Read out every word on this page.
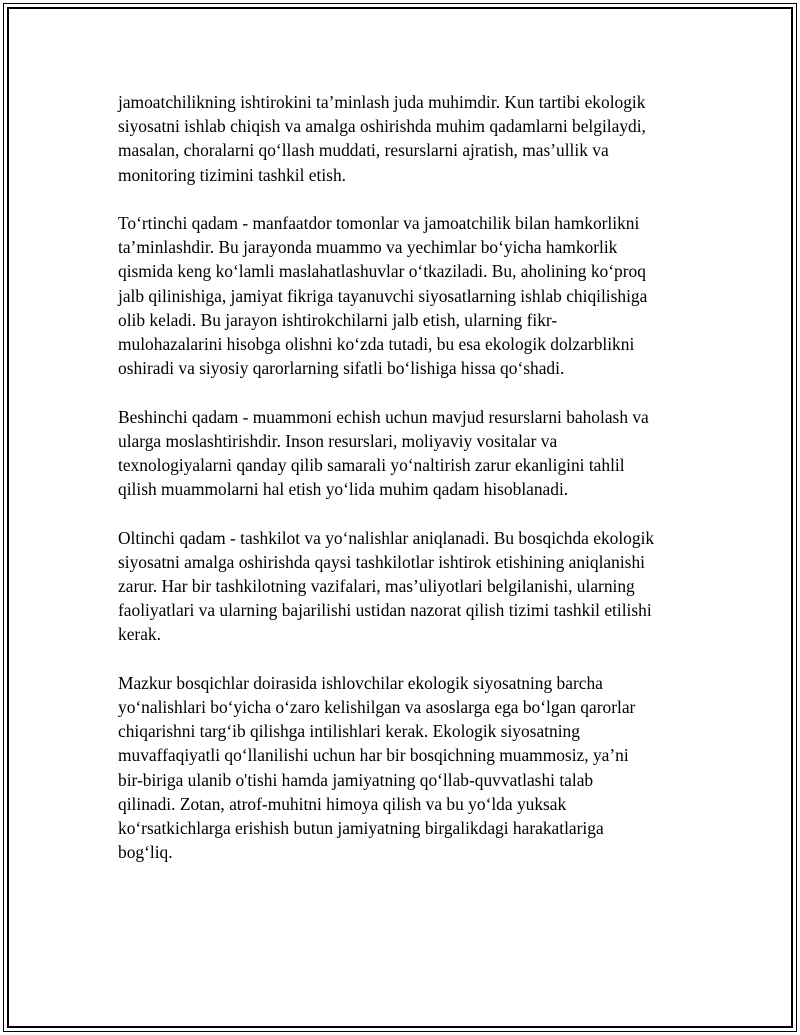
jamoatchilikning ishtirokini ta’minlash juda muhimdir. Kun tartibi ekologik
siyosatni ishlab chiqish va amalga oshirishda muhim qadamlarni belgilaydi,
masalan, choralarni qo‘llash muddati, resurslarni ajratish, mas’ullik va
monitoring tizimini tashkil etish.

To‘rtinchi qadam - manfaatdor tomonlar va jamoatchilik bilan hamkorlikni
ta’minlashdir. Bu jarayonda muammo va yechimlar bo‘yicha hamkorlik
qismida keng ko‘lamli maslahatlashuvlar o‘tkaziladi. Bu, aholining ko‘proq
jalb qilinishiga, jamiyat fikriga tayanuvchi siyosatlarning ishlab chiqilishiga
olib keladi. Bu jarayon ishtirokchilarni jalb etish, ularning fikr-
mulohazalarini hisobga olishni ko‘zda tutadi, bu esa ekologik dolzarblikni
oshiradi va siyosiy qarorlarning sifatli bo‘lishiga hissa qo‘shadi.

Beshinchi qadam - muammoni echish uchun mavjud resurslarni baholash va
ularga moslashtirishdir. Inson resurslari, moliyaviy vositalar va
texnologiyalarni qanday qilib samarali yo‘naltirish zarur ekanligini tahlil
qilish muammolarni hal etish yo‘lida muhim qadam hisoblanadi.

Oltinchi qadam - tashkilot va yo‘nalishlar aniqlanadi. Bu bosqichda ekologik
siyosatni amalga oshirishda qaysi tashkilotlar ishtirok etishining aniqlanishi
zarur. Har bir tashkilotning vazifalari, mas’uliyotlari belgilanishi, ularning
faoliyatlari va ularning bajarilishi ustidan nazorat qilish tizimi tashkil etilishi
kerak.

Mazkur bosqichlar doirasida ishlovchilar ekologik siyosatning barcha
yo‘nalishlari bo‘yicha o‘zaro kelishilgan va asoslarga ega bo‘lgan qarorlar
chiqarishni targ‘ib qilishga intilishlari kerak. Ekologik siyosatning
muvaffaqiyatli qo‘llanilishi uchun har bir bosqichning muammosiz, ya’ni
bir-biriga ulanib o'tishi hamda jamiyatning qo‘llab-quvvatlashi talab
qilinadi. Zotan, atrof-muhitni himoya qilish va bu yo‘lda yuksak
ko‘rsatkichlarga erishish butun jamiyatning birgalikdagi harakatlariga
bog‘liq.
